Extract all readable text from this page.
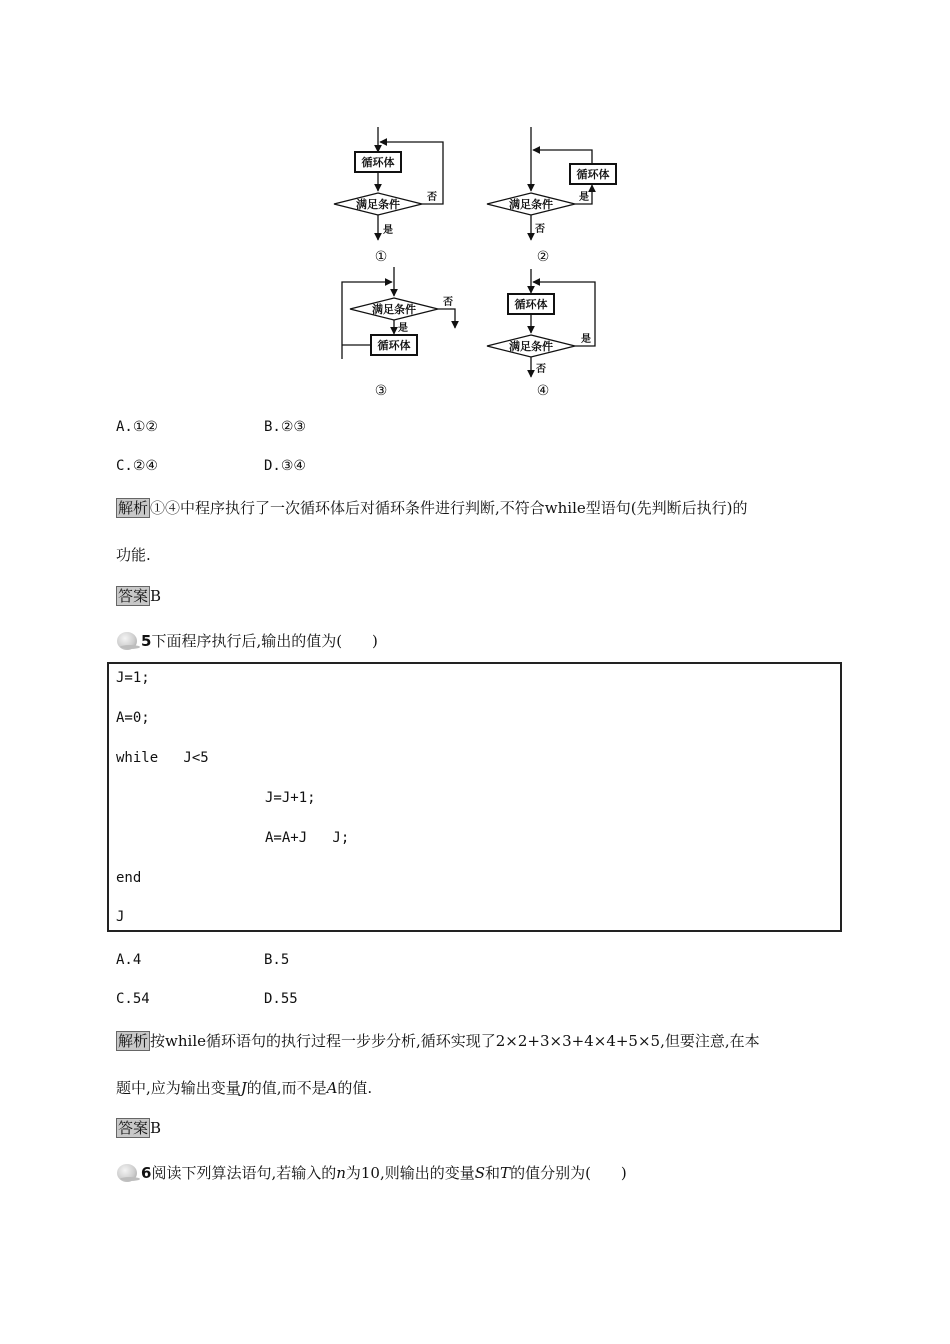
循环体
满足条件
否
是
循环体
满足条件
是
否
满足条件
否
是
循环体
循环体
满足条件
是
否
①	②
③	④
A.①②	B.②③
C.②④	D.③④
解析 ①④中程序执行了一次循环体后对循环条件进行判断,不符合while型语句(先判断后执行)的
功能.
答案 B
5下面程序执行后,输出的值为(　　)
J=1;
A=0;
while   J<5
J=J+1;
A=A+J   J;
end
J
A.4	B.5
C.54	D.55
解析 按while循环语句的执行过程一步步分析,循环实现了2×2+3×3+4×4+5×5,但要注意,在本
题中,应为输出变量J的值,而不是A的值.
答案 B
6阅读下列算法语句,若输入的n为10,则输出的变量S和T的值分别为(　　)
